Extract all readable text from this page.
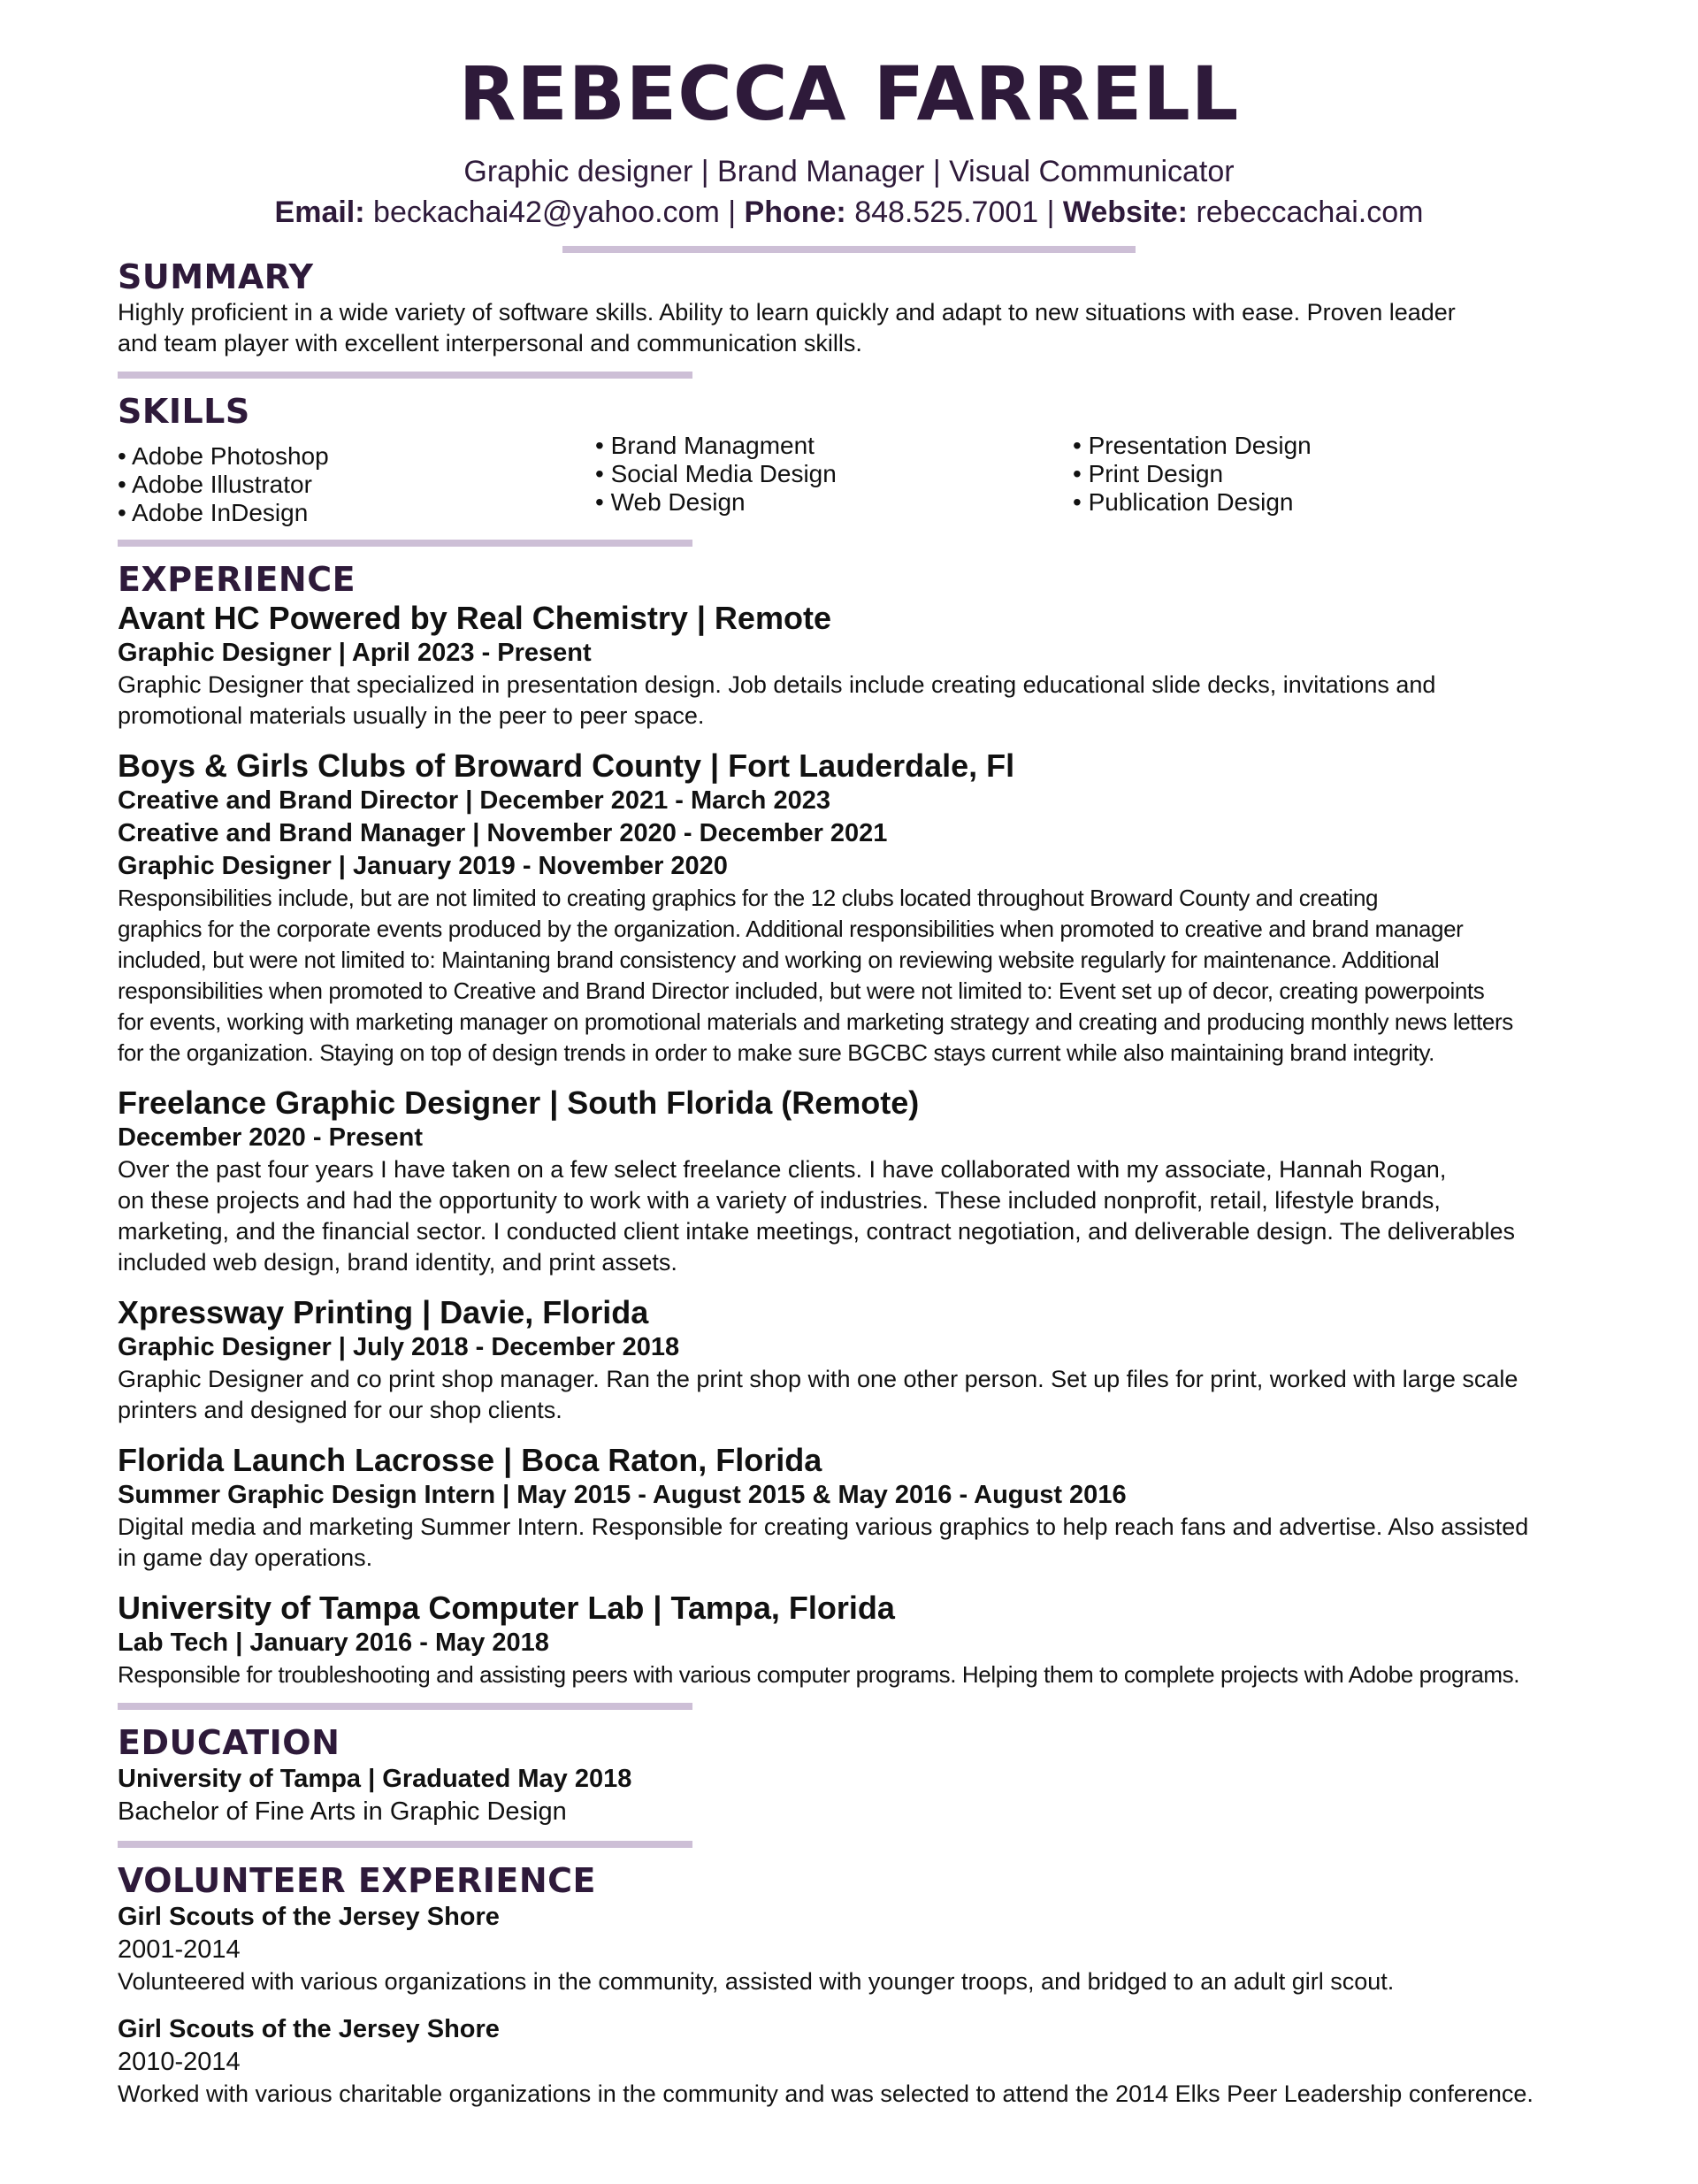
REBECCA FARRELL
Graphic designer | Brand Manager | Visual Communicator
Email: beckachai42@yahoo.com | Phone: 848.525.7001 | Website: rebeccachai.com
SUMMARY
Highly proficient in a wide variety of software skills. Ability to learn quickly and adapt to new situations with ease. Proven leader
and team player with excellent interpersonal and communication skills.
SKILLS
• Adobe Photoshop
• Adobe Illustrator
• Adobe InDesign
• Brand Managment
• Social Media Design
• Web Design
• Presentation Design
• Print Design
• Publication Design
EXPERIENCE
Avant HC Powered by Real Chemistry | Remote
Graphic Designer | April 2023 - Present
Graphic Designer that specialized in presentation design. Job details include creating educational slide decks, invitations and
promotional materials usually in the peer to peer space.
Boys & Girls Clubs of Broward County | Fort Lauderdale, Fl
Creative and Brand Director | December 2021 - March 2023
Creative and Brand Manager | November 2020 - December 2021
Graphic Designer | January 2019 - November 2020
Responsibilities include, but are not limited to creating graphics for the 12 clubs located throughout Broward County and creating
graphics for the corporate events produced by the organization. Additional responsibilities when promoted to creative and brand manager
included, but were not limited to: Maintaning brand consistency and working on reviewing website regularly for maintenance. Additional
responsibilities when promoted to Creative and Brand Director included, but were not limited to: Event set up of decor, creating powerpoints
for events, working with marketing manager on promotional materials and marketing strategy and creating and producing monthly news letters
for the organization. Staying on top of design trends in order to make sure BGCBC stays current while also maintaining brand integrity.
Freelance Graphic Designer | South Florida (Remote)
December 2020 - Present
Over the past four years I have taken on a few select freelance clients. I have collaborated with my associate, Hannah Rogan,
on these projects and had the opportunity to work with a variety of industries. These included nonprofit, retail, lifestyle brands,
marketing, and the financial sector. I conducted client intake meetings, contract negotiation, and deliverable design. The deliverables
included web design, brand identity, and print assets.
Xpressway Printing | Davie, Florida
Graphic Designer | July 2018 - December 2018
Graphic Designer and co print shop manager. Ran the print shop with one other person. Set up files for print, worked with large scale
printers and designed for our shop clients.
Florida Launch Lacrosse | Boca Raton, Florida
Summer Graphic Design Intern | May 2015 - August 2015 & May 2016 - August 2016
Digital media and marketing Summer Intern. Responsible for creating various graphics to help reach fans and advertise. Also assisted
in game day operations.
University of Tampa Computer Lab | Tampa, Florida
Lab Tech | January 2016 - May 2018
Responsible for troubleshooting and assisting peers with various computer programs. Helping them to complete projects with Adobe programs.
EDUCATION
University of Tampa | Graduated May 2018
Bachelor of Fine Arts in Graphic Design
VOLUNTEER EXPERIENCE
Girl Scouts of the Jersey Shore
2001-2014
Volunteered with various organizations in the community, assisted with younger troops, and bridged to an adult girl scout.
Girl Scouts of the Jersey Shore
2010-2014
Worked with various charitable organizations in the community and was selected to attend the 2014 Elks Peer Leadership conference.
